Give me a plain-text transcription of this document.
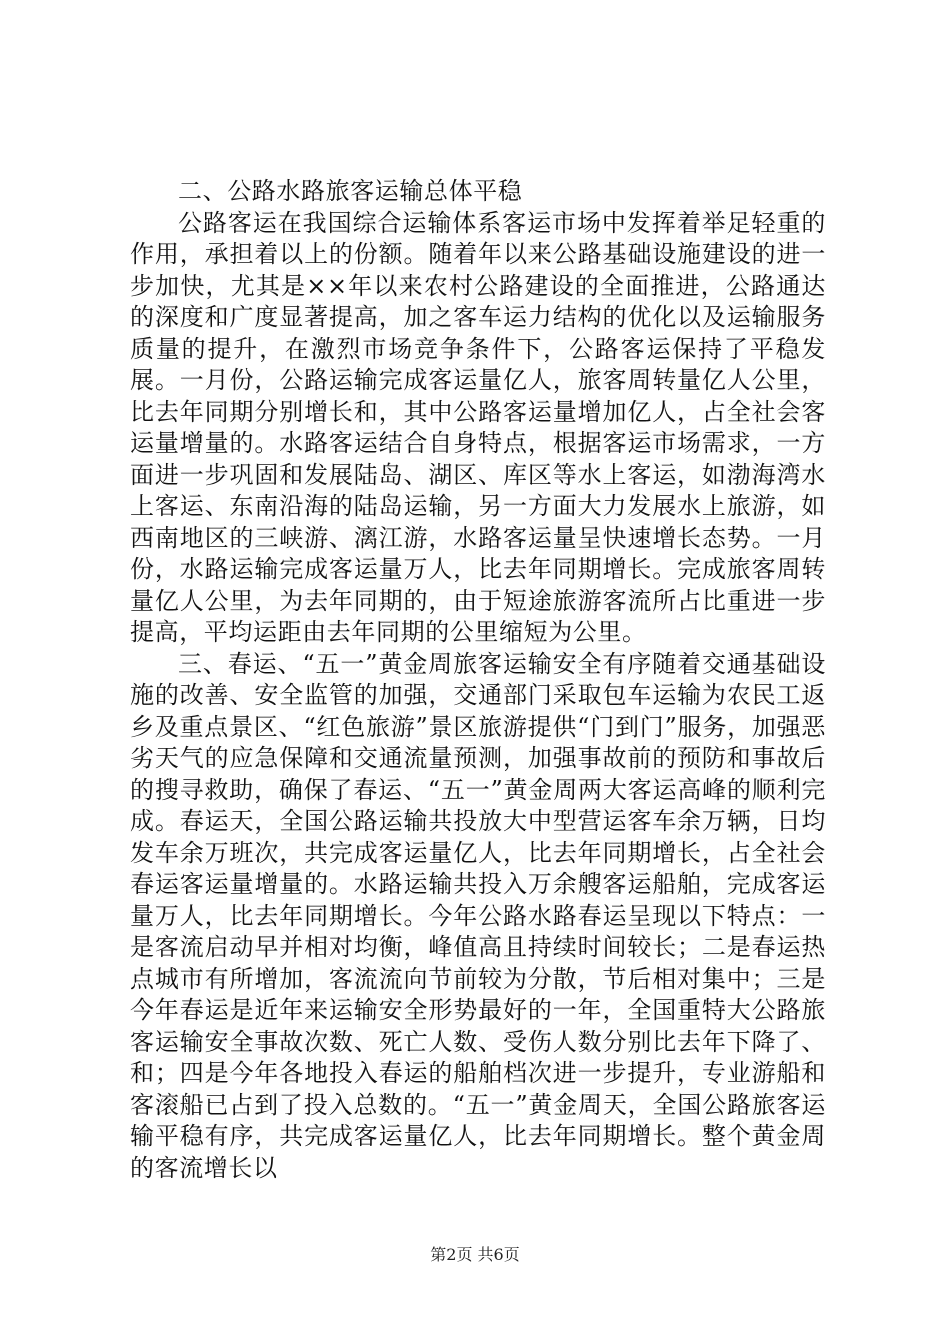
二、公路水路旅客运输总体平稳

公路客运在我国综合运输体系客运市场中发挥着举足轻重的作用，承担着以上的份额。随着年以来公路基础设施建设的进一步加快，尤其是××年以来农村公路建设的全面推进，公路通达的深度和广度显著提高，加之客车运力结构的优化以及运输服务质量的提升，在激烈市场竞争条件下，公路客运保持了平稳发展。一月份，公路运输完成客运量亿人，旅客周转量亿人公里，比去年同期分别增长和，其中公路客运量增加亿人，占全社会客运量增量的。水路客运结合自身特点，根据客运市场需求，一方面进一步巩固和发展陆岛、湖区、库区等水上客运，如渤海湾水上客运、东南沿海的陆岛运输，另一方面大力发展水上旅游，如西南地区的三峡游、漓江游，水路客运量呈快速增长态势。一月份，水路运输完成客运量万人，比去年同期增长。完成旅客周转量亿人公里，为去年同期的，由于短途旅游客流所占比重进一步提高，平均运距由去年同期的公里缩短为公里。

三、春运、“五一”黄金周旅客运输安全有序随着交通基础设施的改善、安全监管的加强，交通部门采取包车运输为农民工返乡及重点景区、“红色旅游”景区旅游提供“门到门”服务，加强恶劣天气的应急保障和交通流量预测，加强事故前的预防和事故后的搜寻救助，确保了春运、“五一”黄金周两大客运高峰的顺利完成。春运天，全国公路运输共投放大中型营运客车余万辆，日均发车余万班次，共完成客运量亿人，比去年同期增长，占全社会春运客运量增量的。水路运输共投入万余艘客运船舶，完成客运量万人，比去年同期增长。今年公路水路春运呈现以下特点：一是客流启动早并相对均衡，峰值高且持续时间较长；二是春运热点城市有所增加，客流流向节前较为分散，节后相对集中；三是今年春运是近年来运输安全形势最好的一年，全国重特大公路旅客运输安全事故次数、死亡人数、受伤人数分别比去年下降了、和；四是今年各地投入春运的船舶档次进一步提升，专业游船和客滚船已占到了投入总数的。“五一”黄金周天，全国公路旅客运输平稳有序，共完成客运量亿人，比去年同期增长。整个黄金周的客流增长以

第2页 共6页
